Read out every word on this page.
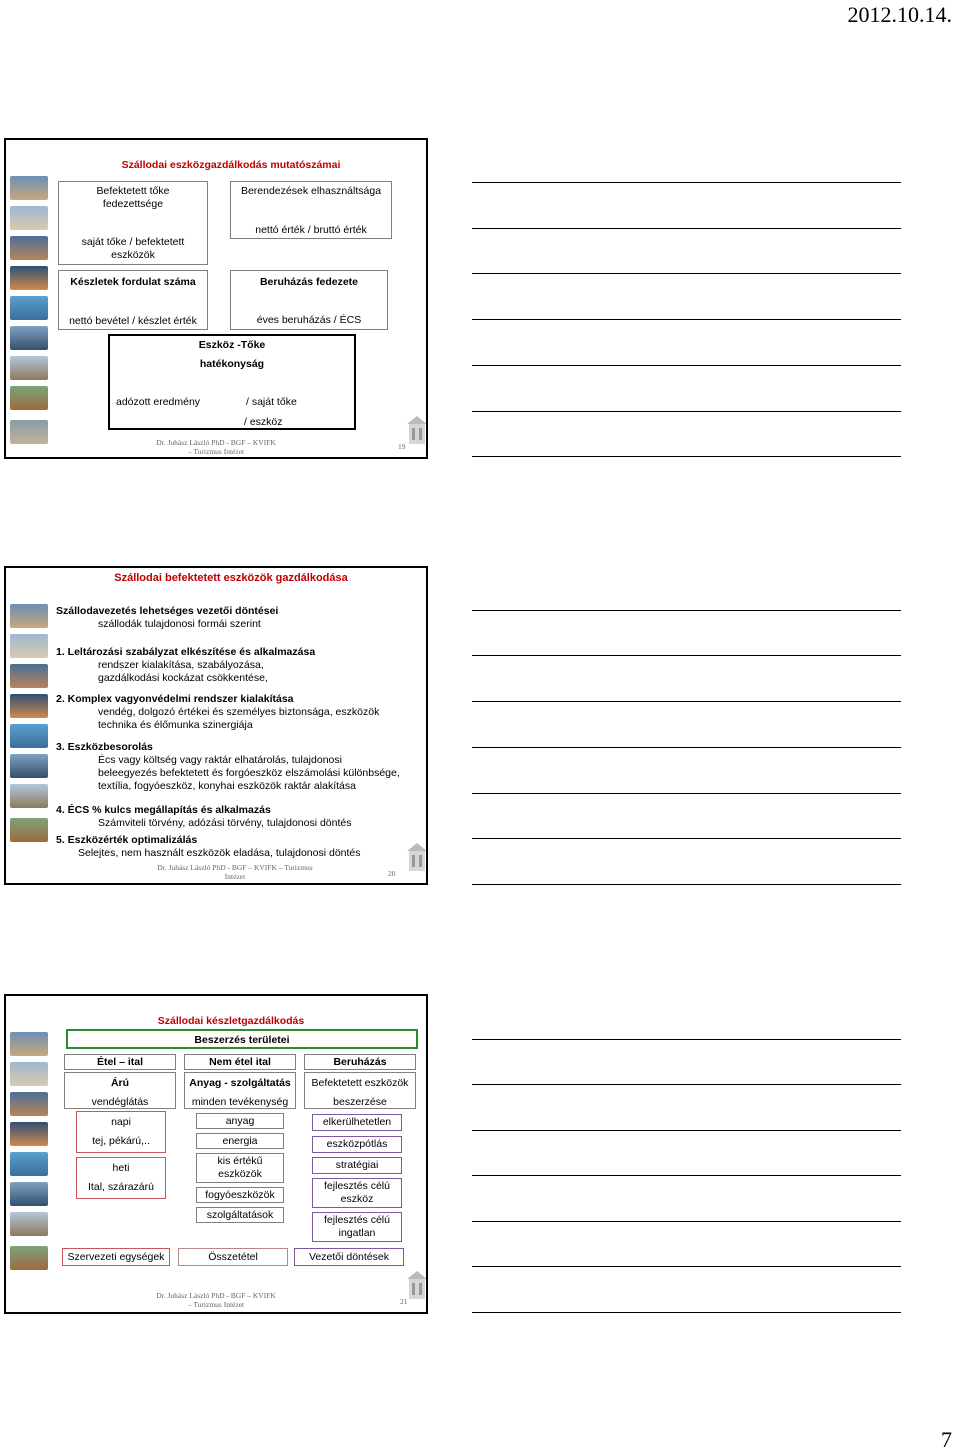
2012.10.14.
Szállodai eszközgazdálkodás mutatószámai
Befektetett tőke fedezettsége
saját tőke / befektetett eszközök
Berendezések elhasználtsága
nettó érték / bruttó érték
Készletek fordulat száma
nettó bevétel / készlet érték
Beruházás fedezete
éves beruházás / ÉCS
Eszköz -Tőke
hatékonyság
adózott eredmény	/ saját tőke
/ eszköz
Dr. Juhász László PhD - BGF – KVIFK – Turizmus Intézet
19
Szállodai befektetett eszközök gazdálkodása
Szállodavezetés lehetséges vezetői döntései
szállodák tulajdonosi formái szerint
1. Leltározási szabályzat elkészítése és alkalmazása
rendszer kialakítása, szabályozása,
gazdálkodási kockázat csökkentése,
2. Komplex vagyonvédelmi rendszer kialakítása
vendég, dolgozó értékei és személyes biztonsága, eszközök
technika és élőmunka szinergiája
3. Eszközbesorolás
Écs vagy költség vagy raktár elhatárolás, tulajdonosi
beleegyezés befektetett és forgóeszköz elszámolási különbsége,
textília, fogyóeszköz, konyhai eszközök raktár alakítása
4. ÉCS % kulcs megállapítás és alkalmazás
Számviteli törvény, adózási törvény, tulajdonosi döntés
5. Eszközérték optimalizálás
Selejtes, nem használt eszközök eladása, tulajdonosi döntés
Dr. Juhász László PhD - BGF – KVIFK – Turizmus Intézet	20
Szállodai készletgazdálkodás
Beszerzés területei
Étel – ital	Nem étel ital	Beruházás
Árú
vendéglátás
Anyag - szolgáltatás
minden tevékenység
Befektetett eszközök
beszerzése
napi
tej, pékárú,..
heti
Ital, szárazárú
anyag
energia
kis értékű eszközök
fogyóeszközök
szolgáltatások
elkerülhetetlen
eszközpótlás
stratégiai
fejlesztés célú eszköz
fejlesztés célú ingatlan
Szervezeti egységek	Összetétel	Vezetői döntések
Dr. Juhász László PhD - BGF – KVIFK – Turizmus Intézet	21
7
